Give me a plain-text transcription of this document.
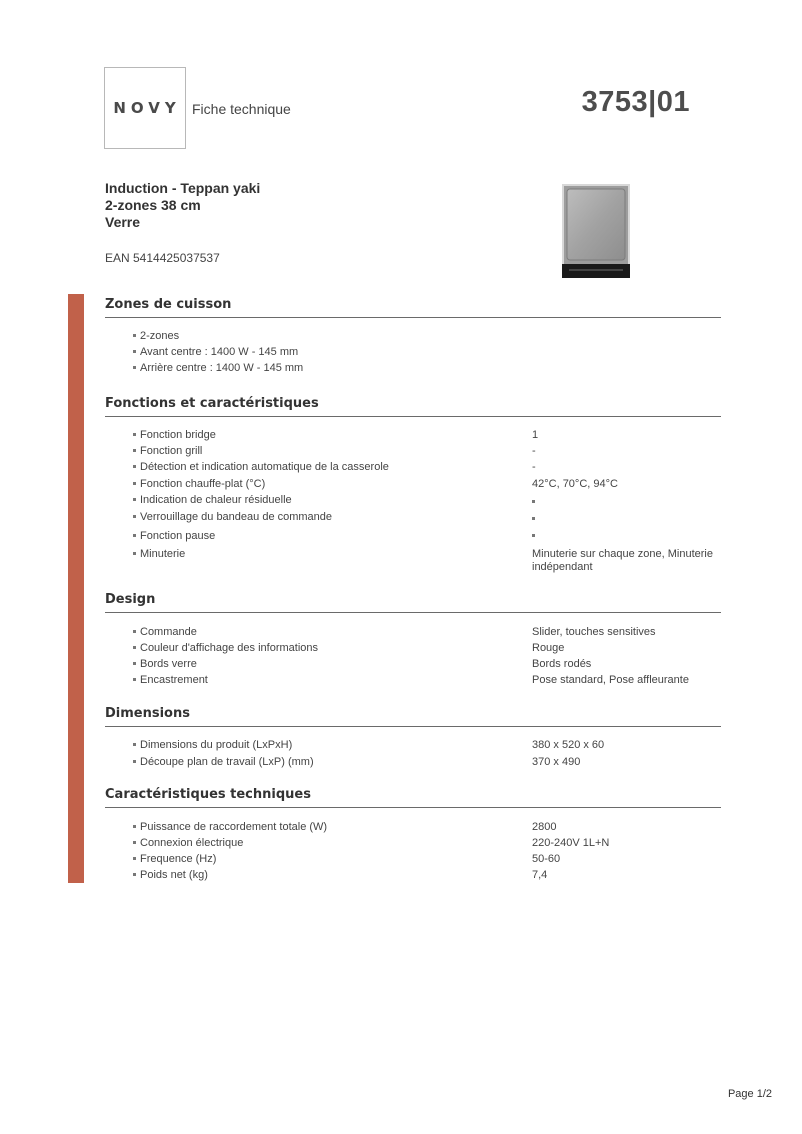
NOVY Fiche technique	3753|01
Induction - Teppan yaki
2-zones 38 cm
Verre
EAN 5414425037537
Zones de cuisson
2-zones
Avant centre : 1400 W - 145 mm
Arrière centre : 1400 W - 145 mm
Fonctions et caractéristiques
Fonction bridge	1
Fonction grill	-
Détection et indication automatique de la casserole	-
Fonction chauffe-plat (°C)	42°C, 70°C, 94°C
Indication de chaleur résiduelle
Verrouillage du bandeau de commande
Fonction pause
Minuterie	Minuterie sur chaque zone, Minuterie
indépendant
Design
Commande	Slider, touches sensitives
Couleur d'affichage des informations	Rouge
Bords verre	Bords rodés
Encastrement	Pose standard, Pose affleurante
Dimensions
Dimensions du produit (LxPxH)	380 x 520 x 60
Découpe plan de travail (LxP) (mm)	370 x 490
Caractéristiques techniques
Puissance de raccordement totale (W)	2800
Connexion électrique	220-240V 1L+N
Frequence (Hz)	50-60
Poids net (kg)	7,4
Page 1/2
